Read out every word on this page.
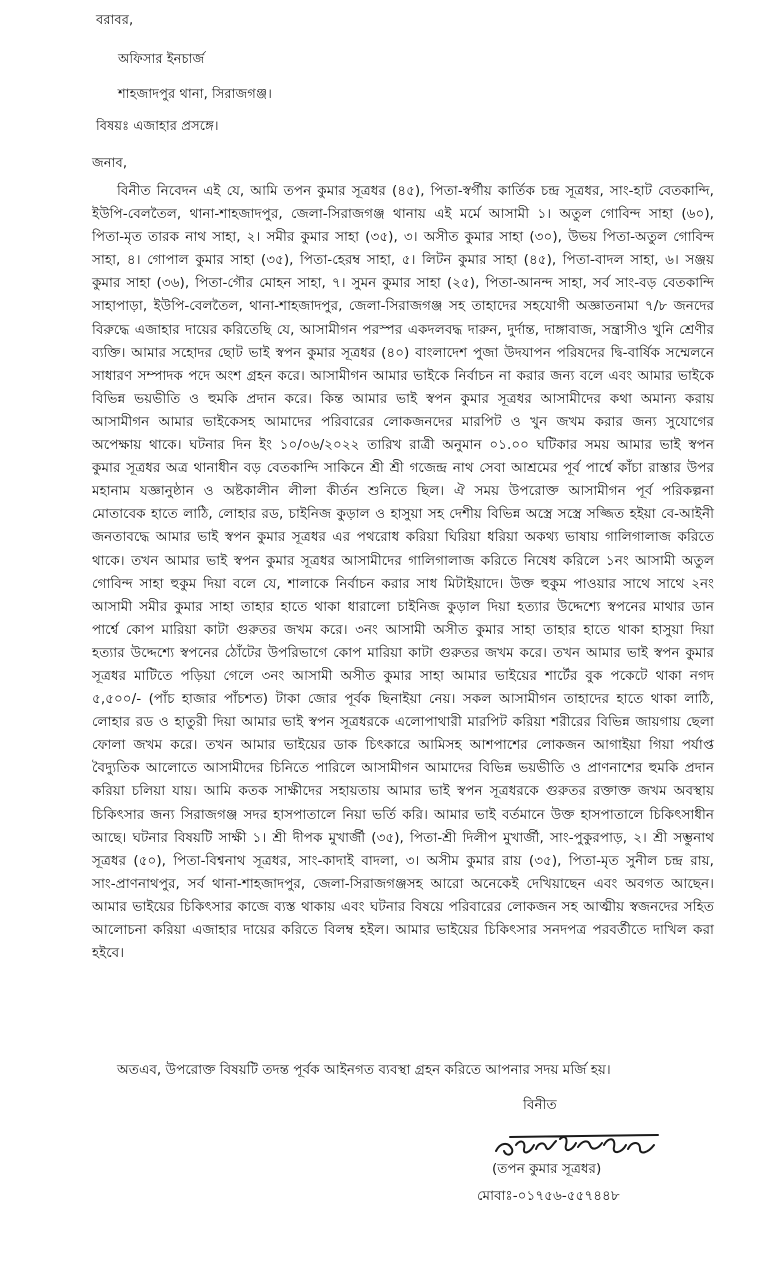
বরাবর,
অফিসার ইনচার্জ
শাহজাদপুর থানা, সিরাজগঞ্জ।
বিষয়ঃ এজাহার প্রসঙ্গে।
জনাব,
বিনীত নিবেদন এই যে, আমি তপন কুমার সূত্রধর (৪৫), পিতা-স্বর্গীয় কার্তিক চন্দ্র সূত্রধর, সাং-হাট বেতকান্দি, ইউপি-বেলতৈল, থানা-শাহজাদপুর, জেলা-সিরাজগঞ্জ থানায় এই মর্মে আসামী ১। অতুল গোবিন্দ সাহা (৬০), পিতা-মৃত তারক নাথ সাহা, ২। সমীর কুমার সাহা (৩৫), ৩। অসীত কুমার সাহা (৩০), উভয় পিতা-অতুল গোবিন্দ সাহা, ৪। গোপাল কুমার সাহা (৩৫), পিতা-হেরম্ব সাহা, ৫। লিটন কুমার সাহা (৪৫), পিতা-বাদল সাহা, ৬। সঞ্জয় কুমার সাহা (৩৬), পিতা-গৌর মোহন সাহা, ৭। সুমন কুমার সাহা (২৫), পিতা-আনন্দ সাহা, সর্ব সাং-বড় বেতকান্দি সাহাপাড়া, ইউপি-বেলতৈল, থানা-শাহজাদপুর, জেলা-সিরাজগঞ্জ সহ তাহাদের সহযোগী অজ্ঞাতনামা ৭/৮ জনদের বিরুদ্ধে এজাহার দায়ের করিতেছি যে, আসামীগন পরস্পর একদলবদ্ধ দারুন, দুর্দান্ত, দাঙ্গাবাজ, সন্ত্রাসীও খুনি শ্রেণীর ব্যক্তি। আমার সহোদর ছোট ভাই স্বপন কুমার সূত্রধর (৪০) বাংলাদেশ পুজা উদযাপন পরিষদের দ্বি-বার্ষিক সম্মেলনে সাধারণ সম্পাদক পদে অংশ গ্রহন করে। আসামীগন আমার ভাইকে নির্বাচন না করার জন্য বলে এবং আমার ভাইকে বিভিন্ন ভয়ভীতি ও হুমকি প্রদান করে। কিন্ত আমার ভাই স্বপন কুমার সূত্রধর আসামীদের কথা অমান্য করায় আসামীগন আমার ভাইকেসহ আমাদের পরিবারের লোকজনদের মারপিট ও খুন জখম করার জন্য সুযোগের অপেক্ষায় থাকে। ঘটনার দিন ইং ১০/০৬/২০২২ তারিখ রাত্রী অনুমান ০১.০০ ঘটিকার সময় আমার ভাই স্বপন কুমার সূত্রধর অত্র থানাধীন বড় বেতকান্দি সাকিনে শ্রী শ্রী গজেন্দ্র নাথ সেবা আশ্রমের পূর্ব পার্শ্বে কাঁচা রাস্তার উপর মহানাম যজ্ঞানুষ্ঠান ও অষ্টকালীন লীলা কীর্তন শুনিতে ছিল। ঐ সময় উপরোক্ত আসামীগন পূর্ব পরিকল্পনা মোতাবেক হাতে লাঠি, লোহার রড, চাইনিজ কুড়াল ও হাসুয়া সহ দেশীয় বিভিন্ন অস্ত্রে সস্ত্রে সজ্জিত হইয়া বে-আইনী জনতাবদ্ধে আমার ভাই স্বপন কুমার সূত্রধর এর পথরোধ করিয়া ঘিরিয়া ধরিয়া অকথ্য ভাষায় গালিগালাজ করিতে থাকে। তখন আমার ভাই স্বপন কুমার সূত্রধর আসামীদের গালিগালাজ করিতে নিষেধ করিলে ১নং আসামী অতুল গোবিন্দ সাহা হুকুম দিয়া বলে যে, শালাকে নির্বাচন করার সাধ মিটাইয়াদে। উক্ত হুকুম পাওয়ার সাথে সাথে ২নং আসামী সমীর কুমার সাহা তাহার হাতে থাকা ধারালো চাইনিজ কুড়াল দিয়া হত্যার উদ্দেশ্যে স্বপনের মাথার ডান পার্শ্বে কোপ মারিয়া কাটা গুরুতর জখম করে। ৩নং আসামী অসীত কুমার সাহা তাহার হাতে থাকা হাসুয়া দিয়া হত্যার উদ্দেশ্যে স্বপনের ঠোঁটের উপরিভাগে কোপ মারিয়া কাটা গুরুতর জখম করে। তখন আমার ভাই স্বপন কুমার সূত্রধর মাটিতে পড়িয়া গেলে ৩নং আসামী অসীত কুমার সাহা আমার ভাইয়ের শার্টের বুক পকেটে থাকা নগদ ৫,৫০০/- (পাঁচ হাজার পাঁচশত) টাকা জোর পূর্বক ছিনাইয়া নেয়। সকল আসামীগন তাহাদের হাতে থাকা লাঠি, লোহার রড ও হাতুরী দিয়া আমার ভাই স্বপন সূত্রধরকে এলোপাথারী মারপিট করিয়া শরীরের বিভিন্ন জায়গায় ছেলা ফোলা জখম করে। তখন আমার ভাইয়ের ডাক চিৎকারে আমিসহ আশপাশের লোকজন আগাইয়া গিয়া পর্যাপ্ত বৈদ্যুতিক আলোতে আসামীদের চিনিতে পারিলে আসামীগন আমাদের বিভিন্ন ভয়ভীতি ও প্রাণনাশের হুমকি প্রদান করিয়া চলিয়া যায়। আমি কতক সাক্ষীদের সহায়তায় আমার ভাই স্বপন সূত্রধরকে গুরুতর রক্তাক্ত জখম অবস্থায় চিকিৎসার জন্য সিরাজগঞ্জ সদর হাসপাতালে নিয়া ভর্তি করি। আমার ভাই বর্তমানে উক্ত হাসপাতালে চিকিৎসাধীন আছে। ঘটনার বিষয়টি সাক্ষী ১। শ্রী দীপক মুখার্জী (৩৫), পিতা-শ্রী দিলীপ মুখার্জী, সাং-পুকুরপাড়, ২। শ্রী সম্ভুনাথ সূত্রধর (৫০), পিতা-বিশ্বনাথ সূত্রধর, সাং-কাদাই বাদলা, ৩। অসীম কুমার রায় (৩৫), পিতা-মৃত সুনীল চন্দ্র রায়, সাং-প্রাণনাথপুর, সর্ব থানা-শাহজাদপুর, জেলা-সিরাজগঞ্জসহ আরো অনেকেই দেখিয়াছেন এবং অবগত আছেন। আমার ভাইয়ের চিকিৎসার কাজে ব্যস্ত থাকায় এবং ঘটনার বিষয়ে পরিবারের লোকজন সহ আত্মীয় স্বজনদের সহিত আলোচনা করিয়া এজাহার দায়ের করিতে বিলম্ব হইল। আমার ভাইয়ের চিকিৎসার সনদপত্র পরবর্তীতে দাখিল করা হইবে।
অতএব, উপরোক্ত বিষয়টি তদন্ত পূর্বক আইনগত ব্যবস্থা গ্রহন করিতে আপনার সদয় মর্জি হয়।
বিনীত
(তপন কুমার সূত্রধর)
মোবাঃ-০১৭৫৬-৫৫৭৪৪৮
